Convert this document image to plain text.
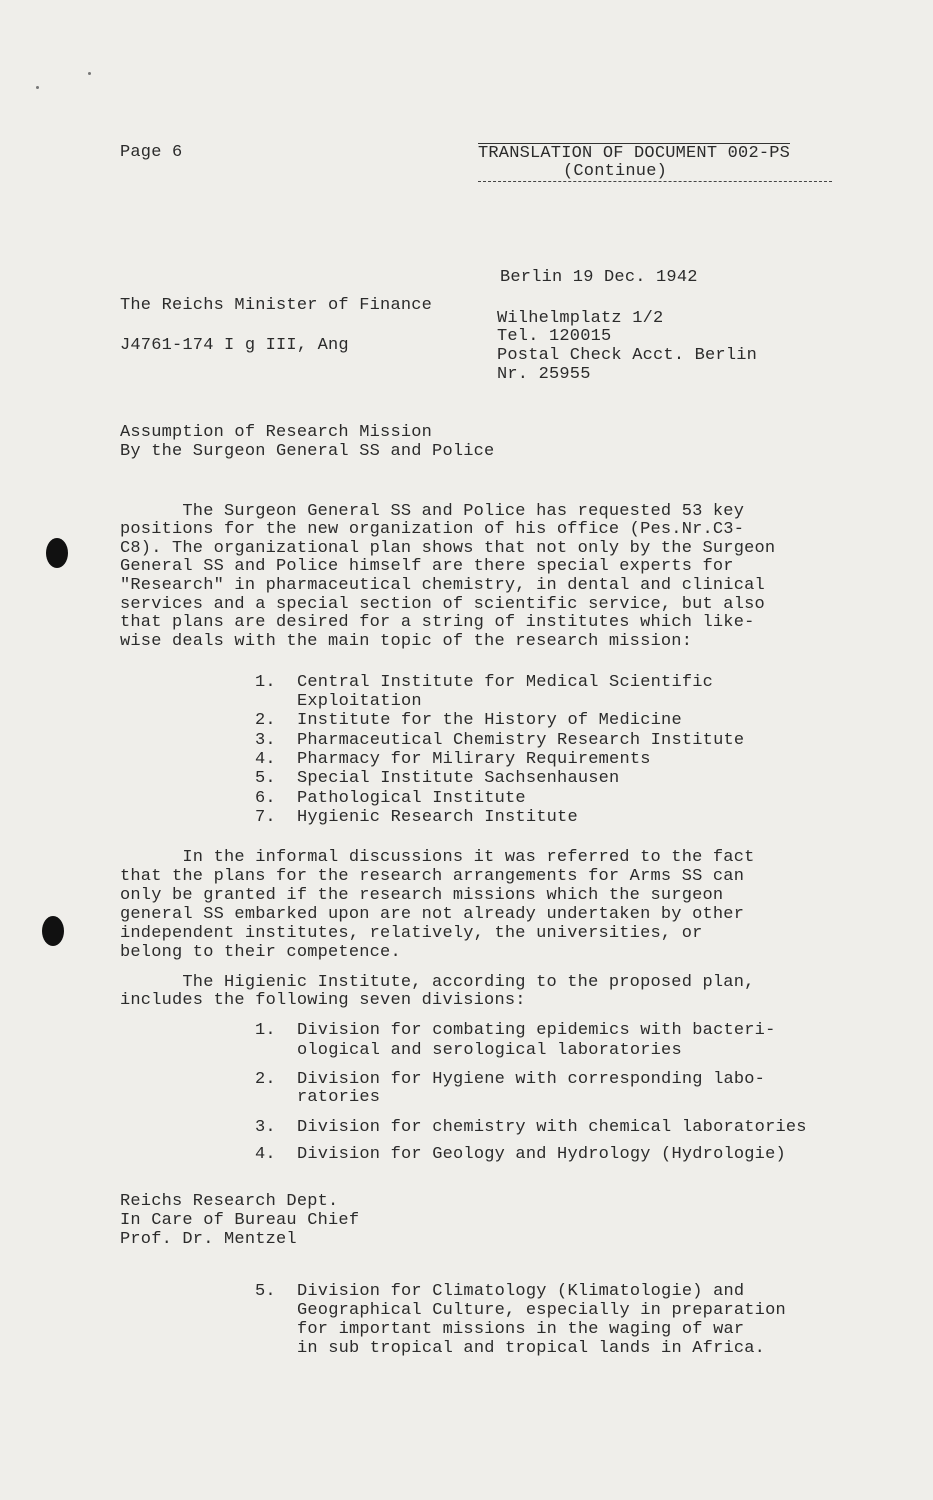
Page 6	TRANSLATION OF DOCUMENT 002-PS
(Continue)
Berlin 19 Dec. 1942
The Reichs Minister of Finance
J4761-174 I g III, Ang
Wilhelmplatz 1/2
Tel. 120015
Postal Check Acct. Berlin
Nr. 25955
Assumption of Research Mission
By the Surgeon General SS and Police
The Surgeon General SS and Police has requested 53 key
positions for the new organization of his office (Pes.Nr.C3-
C8). The organizational plan shows that not only by the Surgeon
General SS and Police himself are there special experts for
"Research" in pharmaceutical chemistry, in dental and clinical
services and a special section of scientific service, but also
that plans are desired for a string of institutes which like-
wise deals with the main topic of the research mission:
1. Central Institute for Medical Scientific
Exploitation
2. Institute for the History of Medicine
3. Pharmaceutical Chemistry Research Institute
4. Pharmacy for Milirary Requirements
5. Special Institute Sachsenhausen
6. Pathological Institute
7. Hygienic Research Institute
In the informal discussions it was referred to the fact
that the plans for the research arrangements for Arms SS can
only be granted if the research missions which the surgeon
general SS embarked upon are not already undertaken by other
independent institutes, relatively, the universities, or
belong to their competence.
The Higienic Institute, according to the proposed plan,
includes the following seven divisions:
1. Division for combating epidemics with bacteri-
ological and serological laboratories
2. Division for Hygiene with corresponding labo-
ratories
3. Division for chemistry with chemical laboratories
4. Division for Geology and Hydrology (Hydrologie)
Reichs Research Dept.
In Care of Bureau Chief
Prof. Dr. Mentzel
5. Division for Climatology (Klimatologie) and
Geographical Culture, especially in preparation
for important missions in the waging of war
in sub tropical and tropical lands in Africa.
